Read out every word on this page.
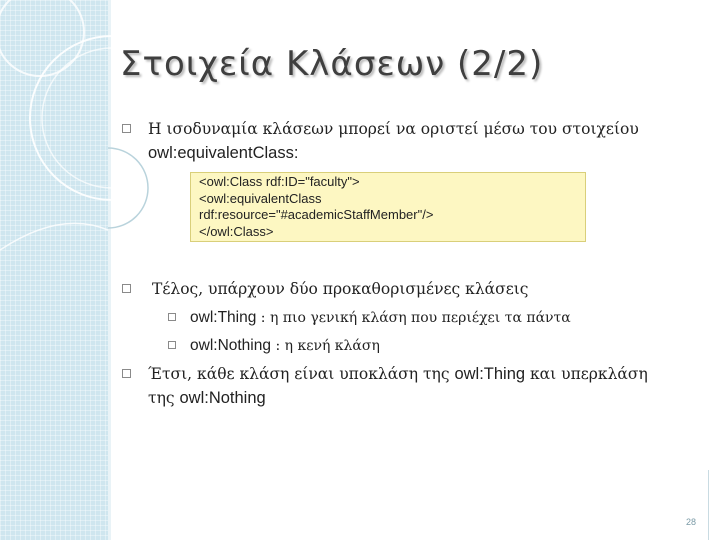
Στοιχεία Κλάσεων (2/2)
Η ισοδυναμία κλάσεων μπορεί να οριστεί μέσω του στοιχείου
owl:equivalentClass:
<owl:Class rdf:ID="faculty">
<owl:equivalentClass
rdf:resource="#academicStaffMember"/>
</owl:Class>
Τέλος, υπάρχουν δύο προκαθορισμένες κλάσεις
owl:Thing : η πιο γενική κλάση που περιέχει τα πάντα
owl:Nothing : η κενή κλάση
Έτσι, κάθε κλάση είναι υποκλάση της owl:Thing και υπερκλάση
της owl:Nothing
28
